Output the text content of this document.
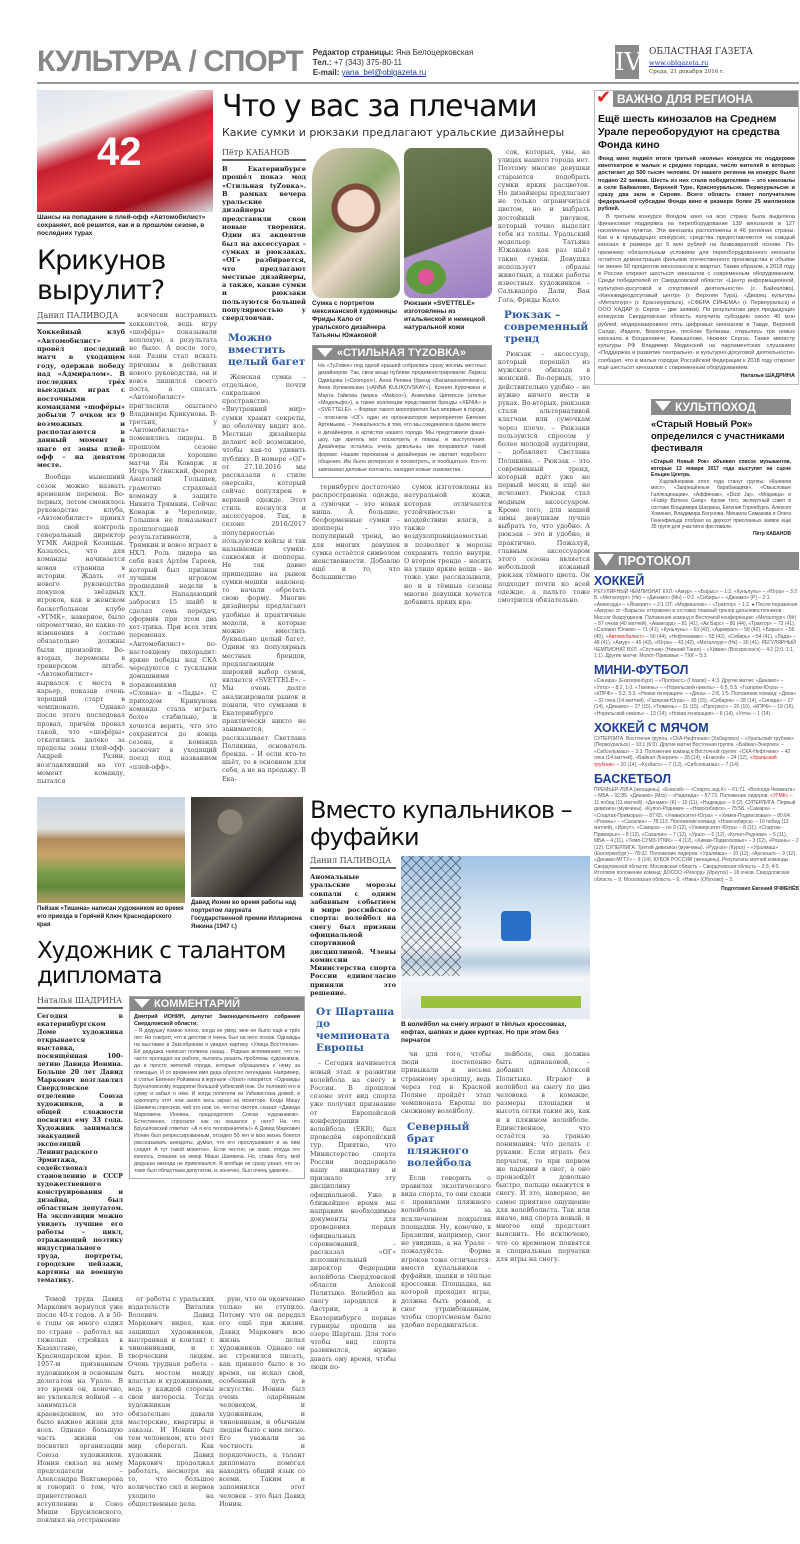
КУЛЬТУРА / СПОРТ Редактор страницы: Яна Белоцерковская
Тел.: +7 (343) 375-80-11
E-mail: yana_bel@oblgazeta.ru	IV ОБЛАСТНАЯ ГАЗЕТА
www.oblgazeta.ru
Среда, 21 декабря 2016 г.
42
Шансы на попадание в плей-офф «Автомобилист» сохраняет, всё решится, как и в прошлом сезоне, в последних турах
Крикунов вырулит?
Данил ПАЛИВОДА
Хоккейный клуб «Автомобилист» провёл последний матч в уходящем году, одержав победу над «Адмиралом». В последних трёх выездных играх с восточными командами «шофёры» добыли 7 очков из 9 возможных и располагаются в данный момент в шаге от зоны плей-офф – на девятом месте.
Вообще нынешний сезон можно назвать временем перемен. Во-первых, летом сменилось руководство клуба, «Автомобилист» принял под свой контроль генеральный директор УГМК Андрей Козицын. Казалось, что для команды начинается новая страница в истории. Ждать от нового руководства покупок звёздных игроков, как в женском баскетбольном клубе «УГМК», наверное, было опрометчиво, но какие-то изменения в составе обязательно должны были произойти. Во-вторых, перемены в тренерском штабе. «Автомобилист» вырвался с места в карьер, показав очень хороший старт в чемпионате. Однако после этого последовал провал, причём провал такой, что «шофёры» откатились далеко за пределы зоны плей-офф. Андрей Разин, возглавлявший на тот момент команду, пытался
всячески настраивать хоккеистов, ведь игру «шофёры» показывали неплохую, а результата не было. А после того, как Разин стал искать причины в действиях нового руководства, он и вовсе лишился своего поста, а спасать «Автомобилист» пригласили опытного Владимира Крикунова. В-третьих, у «Автомобилиста» поменялись лидеры. В прошлом сезоне проводили хорошие матчи Ян Коварж и Игорь Устинский, феерил Анатолий Голышев, грамотно страховал команду в защите Никита Трямкин. Сейчас Коварж в Череповце, Голышев не показывает прошлогодней результативности, а Трямкин и вовсе играет в НХЛ. Роль лидера на себя взял Артём Гареев, который был признан лучшим игроком прошедшей недели в КХЛ. Нападающий забросил 15 шайб и сделал семь передач, оформив при этом два хет-трика. При всех этих переменах «Автомобилист» по-настоящему лихорадит: яркие победы над СКА чередуются с тусклыми домашними поражениями от «Словна» и «Лады». С приходом Крикунова команда стала играть более стабильно, и хочется верить, что это сохранится до конца сезона, а команда заскочит в уходящий поезд под названием «плей-офф».
Что у вас за плечами
Какие сумки и рюкзаки предлагают уральские дизайнеры
Пётр КАБАНОВ
В Екатеринбурге прошёл показ мод «Стильная tyZовка». В рамках вечера уральские дизайнеры представили свои новые творения. Один из акцентов был на аксессуарах – сумках и рюкзаках. «ОГ» разбирается, что предлагают местные дизайнеры, а также, какие сумки и рюкзаки пользуются большей популярностью у свердловчан.
Можно вместить целый багет
Женская сумка – отдельное, почти сакральное пространство. «Внутренний мир» сумки хранит секреты, но оболочку видят все. Местные дизайнеры делают всё возможное, чтобы как-то удивить публику. В номере «ОГ» от 27.10.2016 мы рассказали о стиле оверсайз, который сейчас популярен в верхней одежде. Этот стиль коснулся и аксессуаров. Так, в сезоне 2016/2017 популярностью пользуются кейсы и так называемые сумки-саквояжи и шопперы. Не так давно пришедшие на рынок сумки-мешки наконец-то начали обретать свою форму. Многие дизайнеры предлагают удобные и практичные модели, в которые можно вместить буквально целый багет. Одним из популярных местных брендов, предлагающим широкий выбор сумок, является «SVETTELE». – Мы очень долго анализировали рынок и поняли, что сумками в Екатеринбурге практически никто не занимается, – рассказывает Светлана Полякина, основатель бренда. – И если кто-то шьёт, то в основном для себя, а не на продажу. В Ека-
Сумка с портретом мексиканской художницы Фриды Кало от уральского дизайнера Татьяны Южаковой
Рюкзаки «SVETTELE» изготовлены из итальянской и немецкой натуральной кожи
«СТИЛЬНАЯ TYZОВКА»
На «TyZовке» под одной крышей собрались сразу восемь местных дизайнеров. Так, свои вещи публике продемонстрировали: Лариса Одинцова («Coompol»), Анна Репина (бренд «Bananasswimwear»), Анна Куликовская («ANNA KULIKOVSKAY»), Ксения Курочкина и Марта Гайкова (марка «Makico»), Анжелика Циперсон (ателье «Модельфо»), а также коллекции представили бренды «XENIA» и «SVETTELE». – Формат такого мероприятия был впервые в городе, – пояснила «ОГ» один из организаторов мероприятия Евгения Артемьева. – Уникальность в том, что мы соединили в одном месте и дизайнеров, и артистов нашего города. Мы представили фэшн-шоу, где зритель мог посмотреть и показы, и выступления. Дизайнеры остались очень довольны, им понравился такой формат. Нашим горожанам и дизайнерам не хватает подобного общения. Им было интересно и посмотреть, и пообщаться. Кто-то завязывал деловые контакты, находил новые знакомства.
теринбурге достаточно распространена одежда, а сумочки – это новая ниша. А большие, бесформенные сумки – шопперы – это популярный тренд, но для многих девушек сумка остаётся символом женственности. Добавлю ещё и то, что большинство
сумок изготовлены из натуральной кожи, которая отличается устойчивостью к воздействию влаги, а также воздухопроницаемостью и позволяет в морозы сохранить тепло внутри. О втором тренде – носить на улице яркие вещи – не тоже уже рассказывали, но и в тёмные сезоны многие девушки хочется добавить ярких кра-
сок, которых, увы, на улицах нашего города нет. Поэтому многие девушки стараются подобрать сумки ярких расцветок. Но дизайнеры предлагают не только ограничиться цветом, но и выбрать достойный рисунок, который точно выделит тебя из толпы. Уральский модельер Татьяна Южакова как раз шьёт такие сумки. Девушка использует образы животных, а также работы известных художников – Сальвадора Дали, Ван Гога, Фриды Кало.
Рюкзак – современный тренд
Рюкзак – аксессуар, который перешёл из мужского обихода в женский. Во-первых, это действительно удобно – не нужно ничего нести в руках. Во-вторых, рюкзаки стали альтернативой клатчам или сумочкам через плечо. – Рюкзаки пользуются спросом у более молодой аудитории, – добавляет Светлана Полякина. – Рюкзак – это современный тренд, который идёт уже не первый месяц и ещё не исчезнет. Рюкзак стал модным аксессуаром. Кроме того, для нашей зимы девушкам лучше выбрать то, что удобно. А рюкзак – это и удобно, и практично. Пожалуй, главным аксессуаром этого сезона является небольшой кожаный рюкзак тёмного цвета. Он подходит почти ко всей одежде, а пальто тоже смотрится обязательно.
Пейзаж «Тишина» написан художником во время его приезда в Горячий Ключ Краснодарского края
Давид Ионин во время работы над портретом лауреата Государственной премии Иллариона Янкина (1947 г.)
Художник с талантом дипломата
Наталья ШАДРИНА
Сегодня в екатеринбургском Доме художника открывается выставка, посвящённая 100-летию Давида Ионина. Больше 20 лет Давид Маркович возглавлял Свердловское отделение Союза художников, а в общей сложности посвятил ему 33 года. Художник занимался эвакуацией экспозиций Ленинградского Эрмитажа, содействовал становлению в СССР художественного конструирования и дизайна, был областным депутатом. На экспозиции можно увидеть лучшие его работы – цикл, отражающий поэтику индустриального труда, портреты, городские пейзажи, картины на военную тематику.
КОММЕНТАРИЙ
Дмитрий ИОНИН, депутат Законодательного собрания Свердловской области:
– Я дедушку помню плохо, когда он умер, мне не было ещё и трёх лет. Но говорят, что в детстве я очень был на него похож. Однажды на выставке в Заксобрании я увидел картину «Улица Восточная». Её дедушка написал полвека назад... Родные вспоминают, что он часто пропадал на работе, пытаясь решить проблемы художников, да и просто жителей города, которые обращались к нему за помощью. И со временем имя деда обросло легендами. Например, в статье Евгения Ройзмана в журнале «Урал» говорится: «Однажды Брусиловскому подарили большой узбекский нож. Он положил его в сумку и забыл о нём. И когда полетели из Узбекистана домой, в аэропорту этот нож занял весь экран на мониторе. Когда Мишу Шаевича спросили, чей это нож, он, честно смотря, сказал: «Давида Марковича Ионина, председателя Союза художников». Естественно, спросили: как он оказался у него? На что Брусиловский ответил: «А я его телохранитель!» А Давид Маркович Ионин был репрессированным, отсидел 50 лет и всю жизнь боялся рассказывать анекдоты, думал, что его прослушивают и за ним следят. А тут такой моветон». Если честно, не знаю, откуда это взялось, спишем на юмор Миши Шаевича. Но, слава богу, мой дедушка никогда не привлекался. Я вообще не сразу узнал, что он тоже был областным депутатом, и, конечно, был очень удивлён...
Темой труда Давид Маркович вернулся уже после 40-х годов. А в 50-е годы он много ездил по стране – работал на тяжелых стройках в Казахстане, в Краснодарском крае. В 1957-м признанным художником и основным делегатом на Урале. В это время он, конечно, не увлекался войной – а заниматься краеведением, но это было важнее жизни для всех. Однако большую часть жизни он посвятил организации Союза художников. Ионин связал на нему председателя – Александра Вакгаверова и говорил о том, что приветствовал вступлению в Союз Миши Брусиловского, повлиял на отстранение
от работы с уральских издательств Виталия Волович. Давид Маркович видел, как защищал художников, выстраивая и контакт с чиновниками, и с творческим людям. Очень трудная работа – быть мостом между властью и художниками, ведь у каждой стороны свои интересы. Тогда художникам обязательно давали мастерские, квартиры и заказы. И Ионин был тем человеком, кто этот мир сберегал. Как художник Давид Маркович продолжал работать, несмотря на то, что большое количество сил и нервов уходило на общественные дела.
рую, что он оконченно только не ступило. Потому что он передал его ещё при жизни. Давид Маркович всю жизнь делал художников. Однако он не стремился писать, как принято было в то время, он искал свой, особенный путь в искусстве. Ионин был очень одарённым человеком, и художникам, и чиновникам, и обычным людям было с ним легко. Его уважали за честность и порядочность, а талант дипломата помогал находить общий язык со всеми. Таким и запомнился этот человек – это был Давид Ионин.
Вместо купальников – фуфайки
Данил ПАЛИВОДА
Аномальные уральские морозы совпали с одним забавным событием в мире российского спорта: волейбол на снегу был признан официальной спортивной дисциплиной. Члены комиссии Министерства спорта России единогласно приняли это решение.
От Шарташа до чемпионата Европы
– Сегодня начинается новый этап в развитии волейбола на снегу в России. В прошлом сезоне этот вид спорта уже получил признание от Европейской конфедерации волейбола (ЕКВ), был проведён европейский тур. Приятно, что Министерство спорта России поддержало нашу инициативу и признало эту дисциплину официальной. Уже в ближайшее время мы направим необходимые документы для проведения первых официальных соревнований, – рассказал «ОГ» исполнительный директор Федерации волейбола Свердловской области Алексей Политыко. Волейбол на снегу зародился в Австрии, а в Екатеринбурге первые турниры прошли на озере Шарташ. Для того чтобы вид спорта развивался, нужно давать ему время, чтобы люди по-
В волейбол на снегу играют в тёплых кроссовках, кофтах, шапках и даже куртках. Но при этом без перчаток
чи для того, чтобы люди постепенно привыкали к весьма странному зрелищу, ведь через год в Красной Поляне пройдёт этап чемпионата Европы по снежному волейболу.
Северный брат пляжного волейбола
Если говорить о правилах экзотического вида спорта, то они схожи с правилами пляжного волейбола за исключением покрытия площадки. Ну, конечно, в Бразилии, например, снег не увидишь, а на Урале – пожалуйста. Форма игроков тоже отличается: вместо купальников – фуфайки, шапки и тёплые кроссовки. Площадка, на которой проходят игры, должна быть ровной, а снег утрамбованным, чтобы спортсменам было удобно передвигаться.
лейболе, она должна быть одинаковой, – добавил Алексей Политыко. Играют в волейбол на снегу по два человека в команде, размеры площадки и высота сетки такие же, как и в пляжном волейболе. Единственное, что остаётся за гранью понимания: что делать с руками. Если играть без перчаток, то при первом же падении в снег, а оно произойдёт довольно быстро, пальцы окажутся в снегу. И это, наверное, не самое приятное ощущение для волейболиста. Так или иначе, вид спорта новый, и многое ещё предстоит выяснить. Не исключено, что со временем появятся и специальные перчатки для игры на снегу.
ВАЖНО ДЛЯ РЕГИОНА
✔
Ещё шесть кинозалов на Среднем Урале переоборудуют на средства Фонда кино
Фонд кино подвёл итоги третьей «волны» конкурса по поддержке кинотеатров в малых и средних городах, число жителей в которых достигает до 500 тысяч человек. От нашего региона на конкурс было подано 22 заявки. Шесть из них стали победителями – это кинозалы в селе Байкалово, Верхней Туре, Красноуральске, Первоуральске и сразу два зала в Серове. Всего область станет получателем федеральной субсидии Фонда кино в размере более 25 миллионов рублей.
В третьем конкурсе Фондом кино на всю страну была выделена финансовая поддержка на переоборудование 139 кинозалов в 127 населённых пунктах. Эти кинозалы расположены в 46 регионах страны. Как и в предыдущих конкурсах, средства предоставляются на каждый кинозал в размере до 5 млн рублей на безвозвратной основе. По-прежнему обязательным условием для переоборудованного кинозала остаётся демонстрация фильмов отечественного производства в объёме не менее 50 процентов киносеансов в квартал. Таким образом, к 2018 году в России откроют шестьсот кинозалов с современным оборудованием. Среди победителей от Свердловской области: «Центр информационной, культурно-досуговой и спортивной деятельности» (с. Байкалово), «Кинювидеодосуговый центр» (г. Верхняя Тура), «Дворец культуры «Металлург» (г. Красноуральск), «СФЕРА СИНЕМА» (г. Первоуральск) и ООО ХАДАР (г. Серов – две заявки). По результатам двух предыдущих конкурсов Свердловская область получила субсидию около 40 млн рублей, модернизировано пять цифровых кинозалов в Тавде, Верхней Салде, Ивделе, Верхотурье, посёлке Буланаш; открылись три новых кинозала в Богдановиче, Камышлове, Нижних Сергах. Также министр культуры РФ Владимир Мединский на парламентских слушаниях «Поддержка и развитие театрально- и культурно-досуговой деятельности» сообщил, что в малых городах Российской Федерации к 2018 году откроют ещё шестьсот кинозалов с современным оборудованием.
Наталья ШАДРИНА
КУЛЬТПОХОД
«Старый Новый Рок» определился с участниками фестиваля
«Старый Новый Рок» объявил список музыкантов, которые 13 января 2017 года выступят на сцене Ельцин Центра.
Хэдлайнерами этого года станут группы: «Калинов мост», «Запрещённые барабанщики», «Смысловые Галлюцинации», «Аффинаж», «Dizzi Jaj», «Модница» и «Funky Bizness Gang». Кроме того, экспертный совет в составе Владимира Шахрина, Евгения Горенбурга, Алексея Хоменко, Владимира Бегунова, Михаила Симакова и Олега Гененфельда отобрал из двухсот присланных заявок ещё 35 групп для участия в фестивале.
Пётр КАБАНОВ
ПРОТОКОЛ
ХОККЕЙ
РЕГУЛЯРНЫЙ ЧЕМПИОНАТ КХЛ. «Амур» – «Барыс» – 1:2. «Куньлунь» – «Югра» – 3:2 Б. «Металлург» (Нк) – «Динамо» (Мн) – 0:2. «Сибирь» – «Динамо» (Р) – 2:1. «Авангард» – «Йокерит» – 2:1 ОТ. «Медвешчак» – «Трактор» – 1:2. ● После поражения «Амура» от «Барыса» отправлен в отставку главный тренер дальневосточников Миссат Фазрутдинов. Положение команд в Восточной конференции: «Металлург» (Мг) – 87 очков (40 матчей), «Авангард» – 81 (41), «Ак Барс» – 80 (44), «Трактор» – 72 (41), «Салават Юлаев» – 71 (41), «Куньлунь» – 63 (42), «Адмирал» – 58 (42), «Барыс» – 56 (40), «Автомобилист» – 56 (44), «Нефтехимик» – 55 (42), «Сибирь» – 54 (41), «Лада» – 48 (41), «Амур» – 45 (43), «Югра» – 43 (42), «Металлург» (Нк) – 30 (41). РЕГУЛЯРНЫЙ ЧЕМПИОНАТ ВХЛ. «Спутник» (Нижний Тагил) – «Химик» (Воскресенск) – 4:2 (2:0, 1:1, 1:1). Другие матчи: Молот-Прикамье – ТХК – 5:3.
МИНИ-ФУТБОЛ
«Синара» (Екатеринбург) – «Прогресс» (Глазов) – 4:3. Другие матчи: «Динамо» – «Ухта» – 8:2, 1:0. «Тюмень» – «Норильский никель» – 6:5, 5:5. «Газпром-Югра» – «КПРФ» – 5:2, 5:3. «Новая генерация» – «Дина» – 2:8, 1:5. Положение команд: «Дина» – 32 очка (14 матчей), «Газпром-Югра» – 30 (15), «Сибиряк» – 28 (14), «Синара» – 27 (14), «Динамо» – 27 (15), «Тюмень» – 21 (15), «Прогресс» – 20 (15), «КПРФ» – 19 (16), «Норильский никель» – 13 (14), «Новая генерация» – 6 (14), «Ухта» – 1 (14).
ХОККЕЙ С МЯЧОМ
СУПЕРЛИГА. Восточная группа. «СКА-Нефтяник» (Хабаровск) – «Уральский трубник» (Первоуральск) – 10:1 (6:0). Другие матчи Восточная группа. «Байкал-Энергия» – «Сибсельмаш» – 3:3. Положение команд в Восточной группе: «СКА-Нефтяник» – 42 очка (14 матчей), «Байкал-Энергия» – 28 (14), «Енисей» – 24 (12), «Уральский трубник» – 10 (14), «Кузбасс» – 7 (12), «Сибсельмаш» – 7 (14).
БАСКЕТБОЛ
ПРЕМЬЕР-ЛИГА (женщины). «Енисей» – «Спарта энд К» – 61:71. «Вологда-Чеваката» – МБА – 92:85. «Динамо» (Мск) – «Надежда» – 57:73. Положение лидеров: «УГМК» – 11 побед (11 матчей), «Динамо» (К) – 10 (11), «Надежда» – 9 (2). СУПЕРЛИГА. Первый дивизион (мужчины). «Купол-Родники» – «Новосибирск» – 75:58. «Самара» – «Спартак-Приморье» – 87:65. «Университет-Югра» – «Химки-Подмосковье» – 80:64. «Рязань» – «Сахалин» – 78:113. Положение команд: «Новосибирск» – 10 побед (12 матчей), «Иркут», «Самара» – по 9 (12), «Университет-Югра» – 8 (11), «Спартак-Приморье» – 8 (12), «Сахалин» – 7 (12), «Урал» – 6 (12), «Купол-Родники» – 5 (11), МБА – 4 (11), «Темп-СУМЗ-УГМК» – 4 (12), «Химки-Подмосковье» – 3 (12), «Рязань» – 2 (12). СУПЕРЛИГА. Третий дивизион (мужчины). «Руднэн» (Курск) – «Уралмаш» (Екатеринбург) – 78:92. Положение лидеров: «Уралмаш» – 10 (12), «Арсенал» – 9 (12), «Динамо-МГТУ» – 9 (14). КУБОК РОССИИ (женщины). Результаты матчей команды Свердловской области: Московская область – Свердловская область – 2:3, 4:0. Итоговое положение команд: ДОСОО «Рекорд» (Иркутск) – 18 очков, Свердловская область – 9, Московская область – 6, «Ника» (Обухово) – 3.
Подготовил Евгений ЯЧМЕНЁВ
